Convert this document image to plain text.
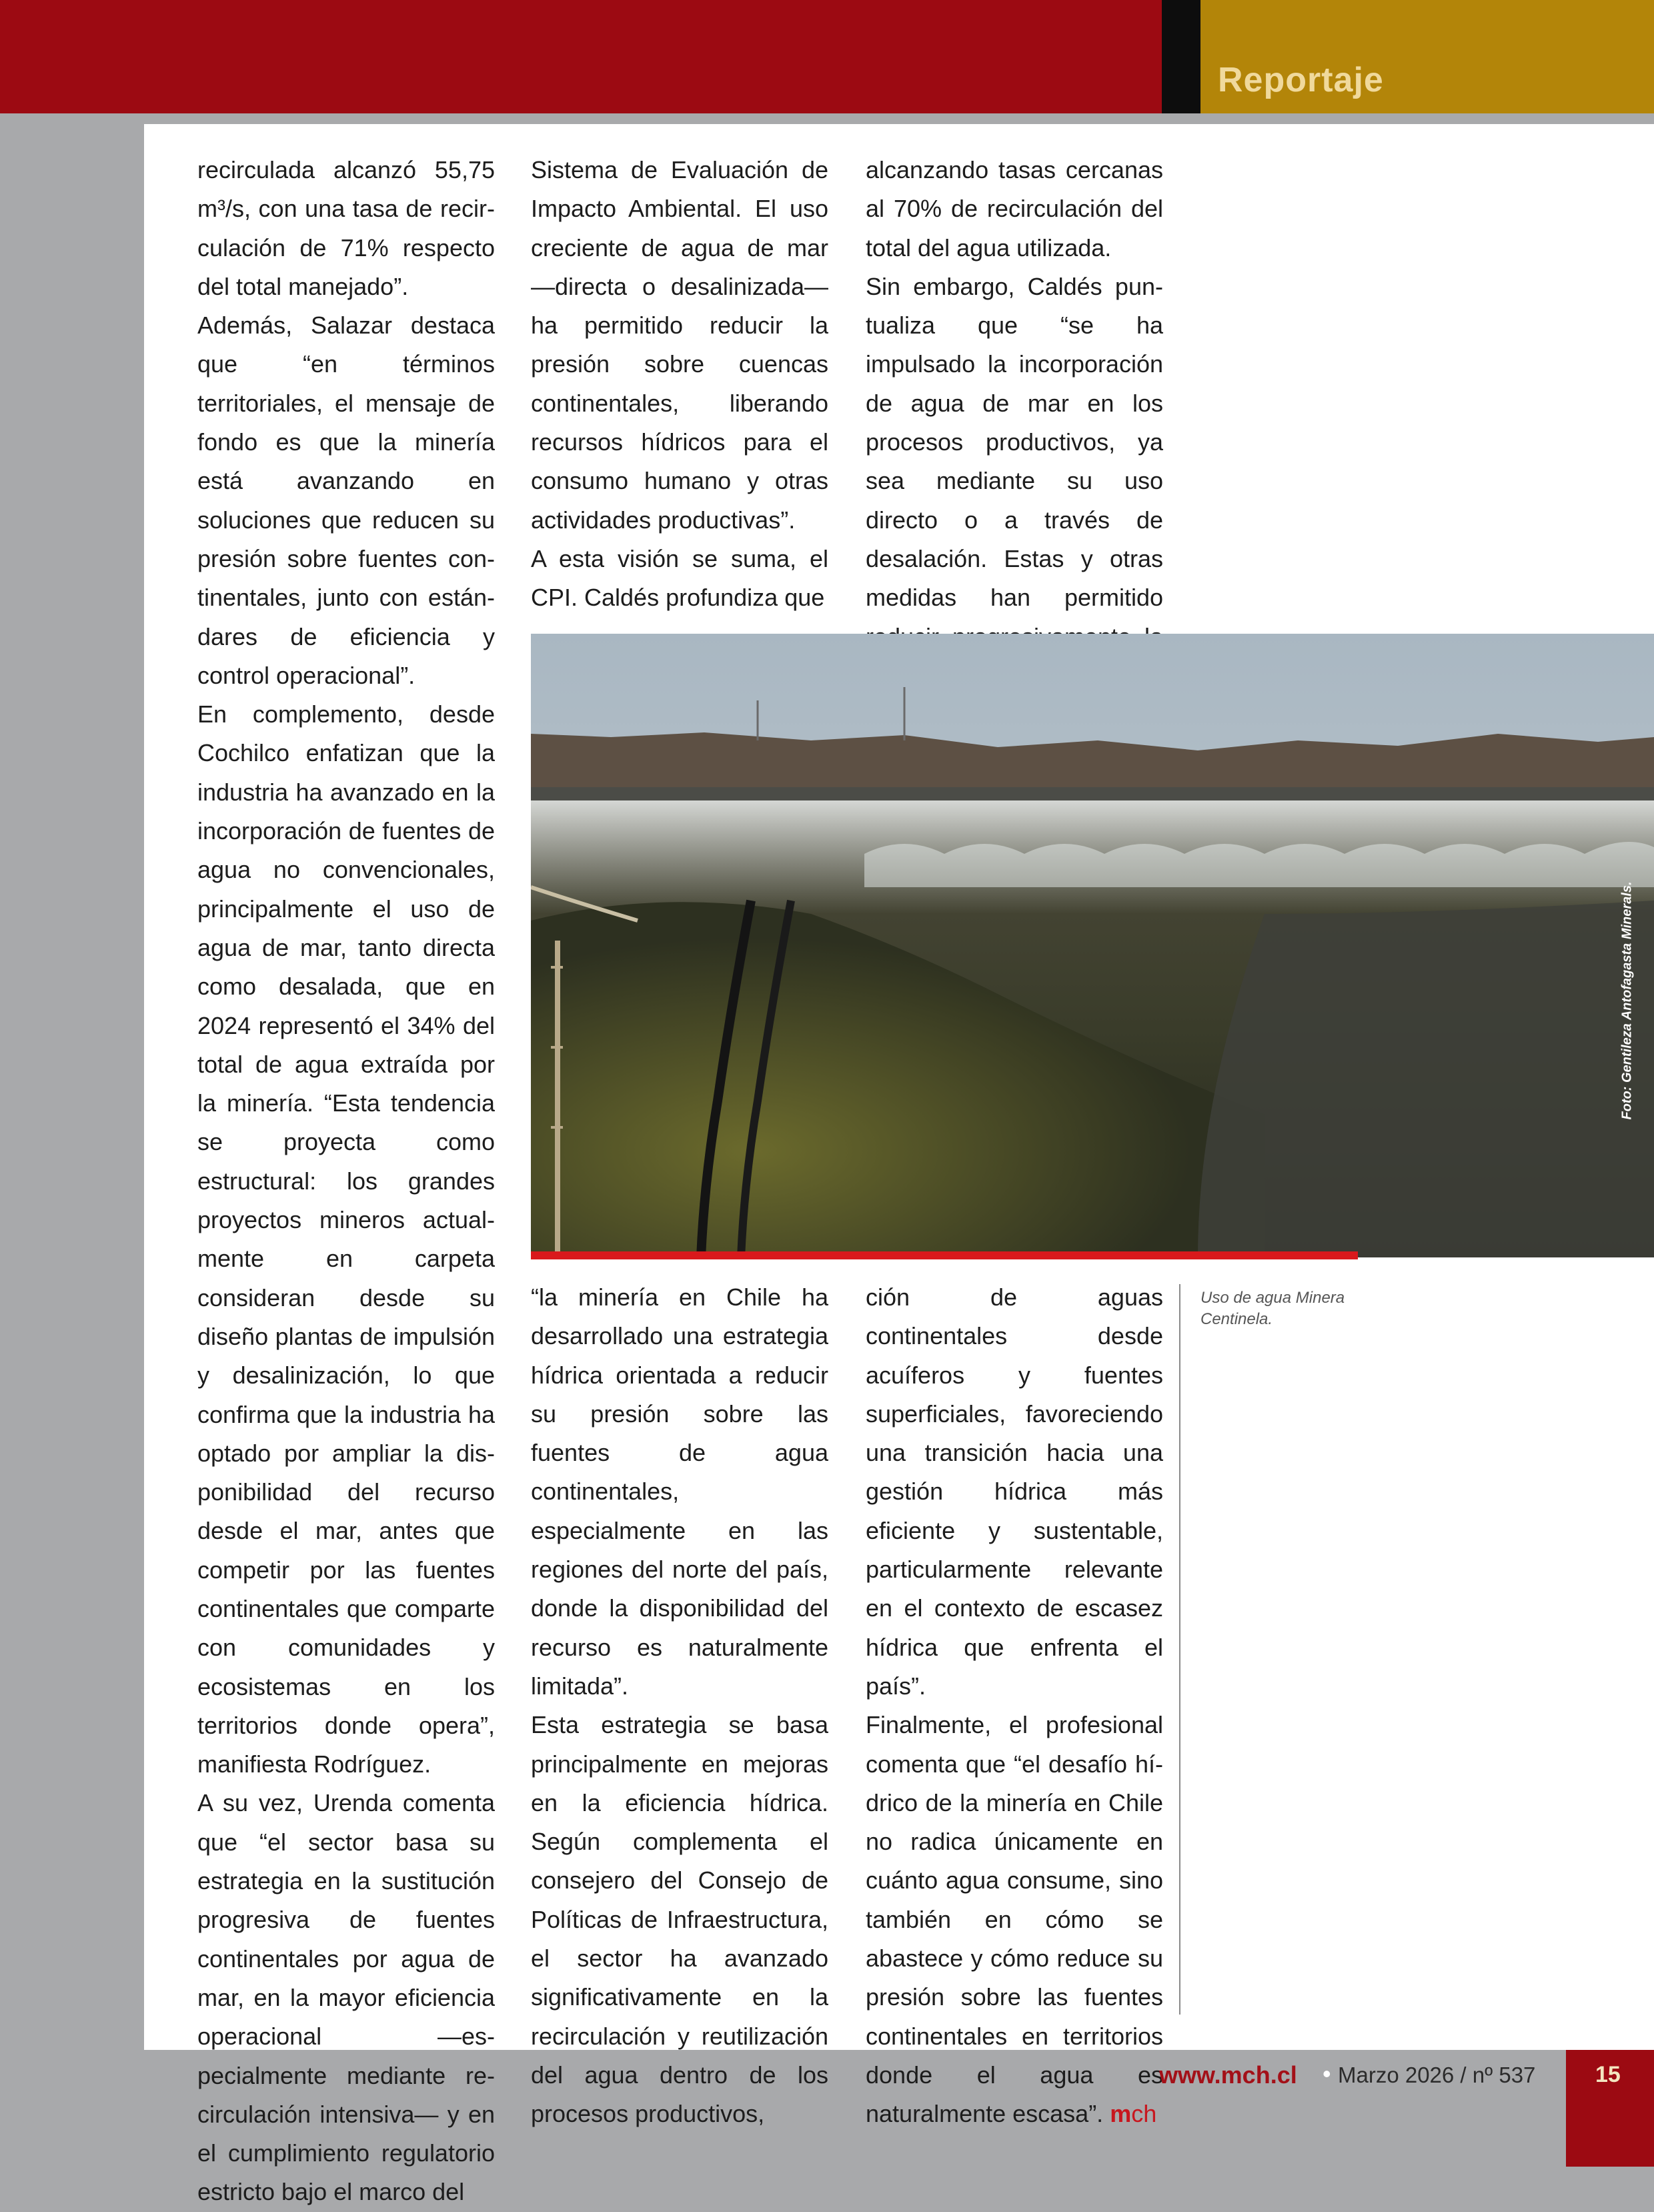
Reportaje

recirculada alcanzó 55,75 m³/s, con una tasa de recirculación de 71% respecto del total manejado”.

Además, Salazar destaca que “en términos territoriales, el mensaje de fondo es que la minería está avanzando en soluciones que reducen su presión sobre fuentes continentales, junto con estándares de eficiencia y control operacional”.

En complemento, desde Cochilco enfatizan que la industria ha avanzado en la incorporación de fuentes de agua no convencionales, principalmente el uso de agua de mar, tanto directa como desalada, que en 2024 representó el 34% del total de agua extraída por la minería. “Esta tendencia se proyecta como estructural: los grandes proyectos mineros actualmente en carpeta consideran desde su diseño plantas de impulsión y desalinización, lo que confirma que la industria ha optado por ampliar la disponibilidad del recurso desde el mar, antes que competir por las fuentes continentales que comparte con comunidades y ecosistemas en los territorios donde opera”, manifiesta Rodríguez.

A su vez, Urenda comenta que “el sector basa su estrategia en la sustitución progresiva de fuentes continentales por agua de mar, en la mayor eficiencia operacional —especialmente mediante recirculación intensiva— y en el cumplimiento regulatorio estricto bajo el marco del

Sistema de Evaluación de Impacto Ambiental. El uso creciente de agua de mar —directa o desalinizada— ha permitido reducir la presión sobre cuencas continentales, liberando recursos hídricos para el consumo humano y otras actividades productivas”.

A esta visión se suma, el CPI. Caldés profundiza que

alcanzando tasas cercanas al 70% de recirculación del total del agua utilizada.

Sin embargo, Caldés puntualiza que “se ha impulsado la incorporación de agua de mar en los procesos productivos, ya sea mediante su uso directo o a través de desalación. Estas y otras medidas han permitido

Foto: Gentileza Antofagasta Minerals.

“la minería en Chile ha desarrollado una estrategia hídrica orientada a reducir su presión sobre las fuentes de agua continentales, especialmente en las regiones del norte del país, donde la disponibilidad del recurso es naturalmente limitada”.

Esta estrategia se basa principalmente en mejoras en la eficiencia hídrica. Según complementa el consejero del Consejo de Políticas de Infraestructura, el sector ha avanzado significativamente en la recirculación y reutilización del agua dentro de los procesos productivos,

ción de aguas continentales desde acuíferos y fuentes superficiales, favoreciendo una transición hacia una gestión hídrica más eficiente y sustentable, particularmente relevante en el contexto de escasez hídrica que enfrenta el país”.

Finalmente, el profesional comenta que “el desafío hídrico de la minería en Chile no radica únicamente en cuánto agua consume, sino también en cómo se abastece y cómo reduce su presión sobre las fuentes continentales en territorios donde el agua es naturalmente escasa”. mch

Uso de agua Minera Centinela.
www.mch.cl • Marzo 2026 / nº 537	15
